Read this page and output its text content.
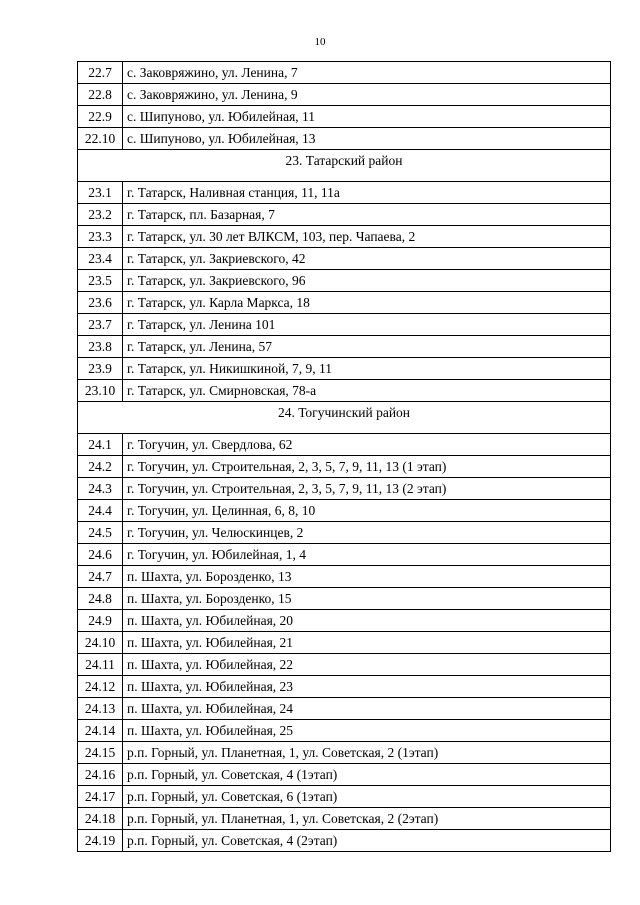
10
22.7	с. Заковряжино, ул. Ленина, 7
22.8	с. Заковряжино, ул. Ленина, 9
22.9	с. Шипуново, ул. Юбилейная, 11
22.10	с. Шипуново, ул. Юбилейная, 13
23. Татарский район	
23.1	г. Татарск, Наливная станция, 11, 11а
23.2	г. Татарск, пл. Базарная, 7
23.3	г. Татарск, ул. 30 лет ВЛКСМ, 103, пер. Чапаева, 2
23.4	г. Татарск, ул. Закриевского, 42
23.5	г. Татарск, ул. Закриевского, 96
23.6	г. Татарск, ул. Карла Маркса, 18
23.7	г. Татарск, ул. Ленина 101
23.8	г. Татарск, ул. Ленина, 57
23.9	г. Татарск, ул. Никишкиной, 7, 9, 11
23.10	г. Татарск, ул. Смирновская, 78-а
24. Тогучинский район	
24.1	г. Тогучин, ул. Свердлова, 62
24.2	г. Тогучин, ул. Строительная, 2, 3, 5, 7, 9, 11, 13 (1 этап)
24.3	г. Тогучин, ул. Строительная, 2, 3, 5, 7, 9, 11, 13 (2 этап)
24.4	г. Тогучин, ул. Целинная, 6, 8, 10
24.5	г. Тогучин, ул. Челюскинцев, 2
24.6	г. Тогучин, ул. Юбилейная, 1, 4
24.7	п. Шахта, ул. Борозденко, 13
24.8	п. Шахта, ул. Борозденко, 15
24.9	п. Шахта, ул. Юбилейная, 20
24.10	п. Шахта, ул. Юбилейная, 21
24.11	п. Шахта, ул. Юбилейная, 22
24.12	п. Шахта, ул. Юбилейная, 23
24.13	п. Шахта, ул. Юбилейная, 24
24.14	п. Шахта, ул. Юбилейная, 25
24.15	р.п. Горный, ул. Планетная, 1, ул. Советская, 2 (1этап)
24.16	р.п. Горный, ул. Советская, 4 (1этап)
24.17	р.п. Горный, ул. Советская, 6 (1этап)
24.18	р.п. Горный, ул. Планетная, 1, ул. Советская, 2 (2этап)
24.19	р.п. Горный, ул. Советская, 4 (2этап)
